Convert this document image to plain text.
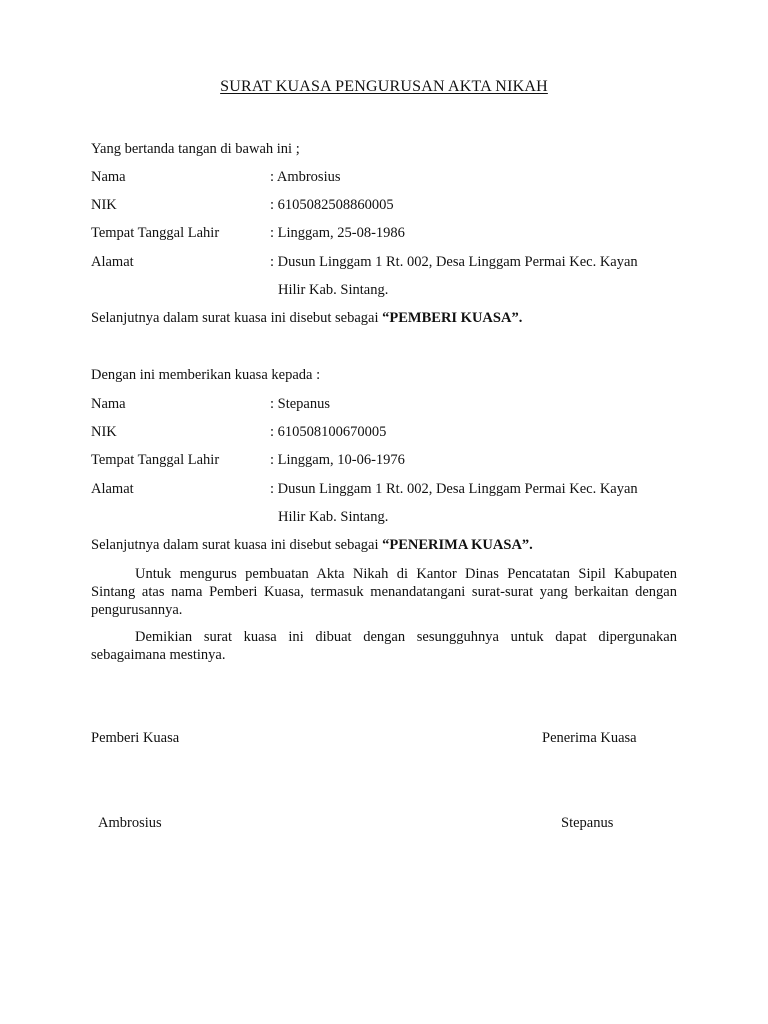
SURAT KUASA PENGURUSAN AKTA NIKAH
Yang bertanda tangan di bawah ini ;
Nama	: Ambrosius
NIK	: 6105082508860005
Tempat Tanggal Lahir	: Linggam, 25-08-1986
Alamat	: Dusun Linggam 1 Rt. 002, Desa Linggam Permai Kec. Kayan
Hilir Kab. Sintang.
Selanjutnya dalam surat kuasa ini disebut sebagai “PEMBERI KUASA”.
Dengan ini memberikan kuasa kepada :
Nama	: Stepanus
NIK	: 610508100670005
Tempat Tanggal Lahir	: Linggam, 10-06-1976
Alamat	: Dusun Linggam 1 Rt. 002, Desa Linggam Permai Kec. Kayan
Hilir Kab. Sintang.
Selanjutnya dalam surat kuasa ini disebut sebagai “PENERIMA KUASA”.
Untuk mengurus pembuatan Akta Nikah di Kantor Dinas Pencatatan Sipil Kabupaten Sintang atas nama Pemberi Kuasa, termasuk menandatangani surat-surat yang berkaitan dengan pengurusannya.
Demikian surat kuasa ini dibuat dengan sesungguhnya untuk dapat dipergunakan sebagaimana mestinya.
Pemberi Kuasa	Penerima Kuasa
Ambrosius	Stepanus
